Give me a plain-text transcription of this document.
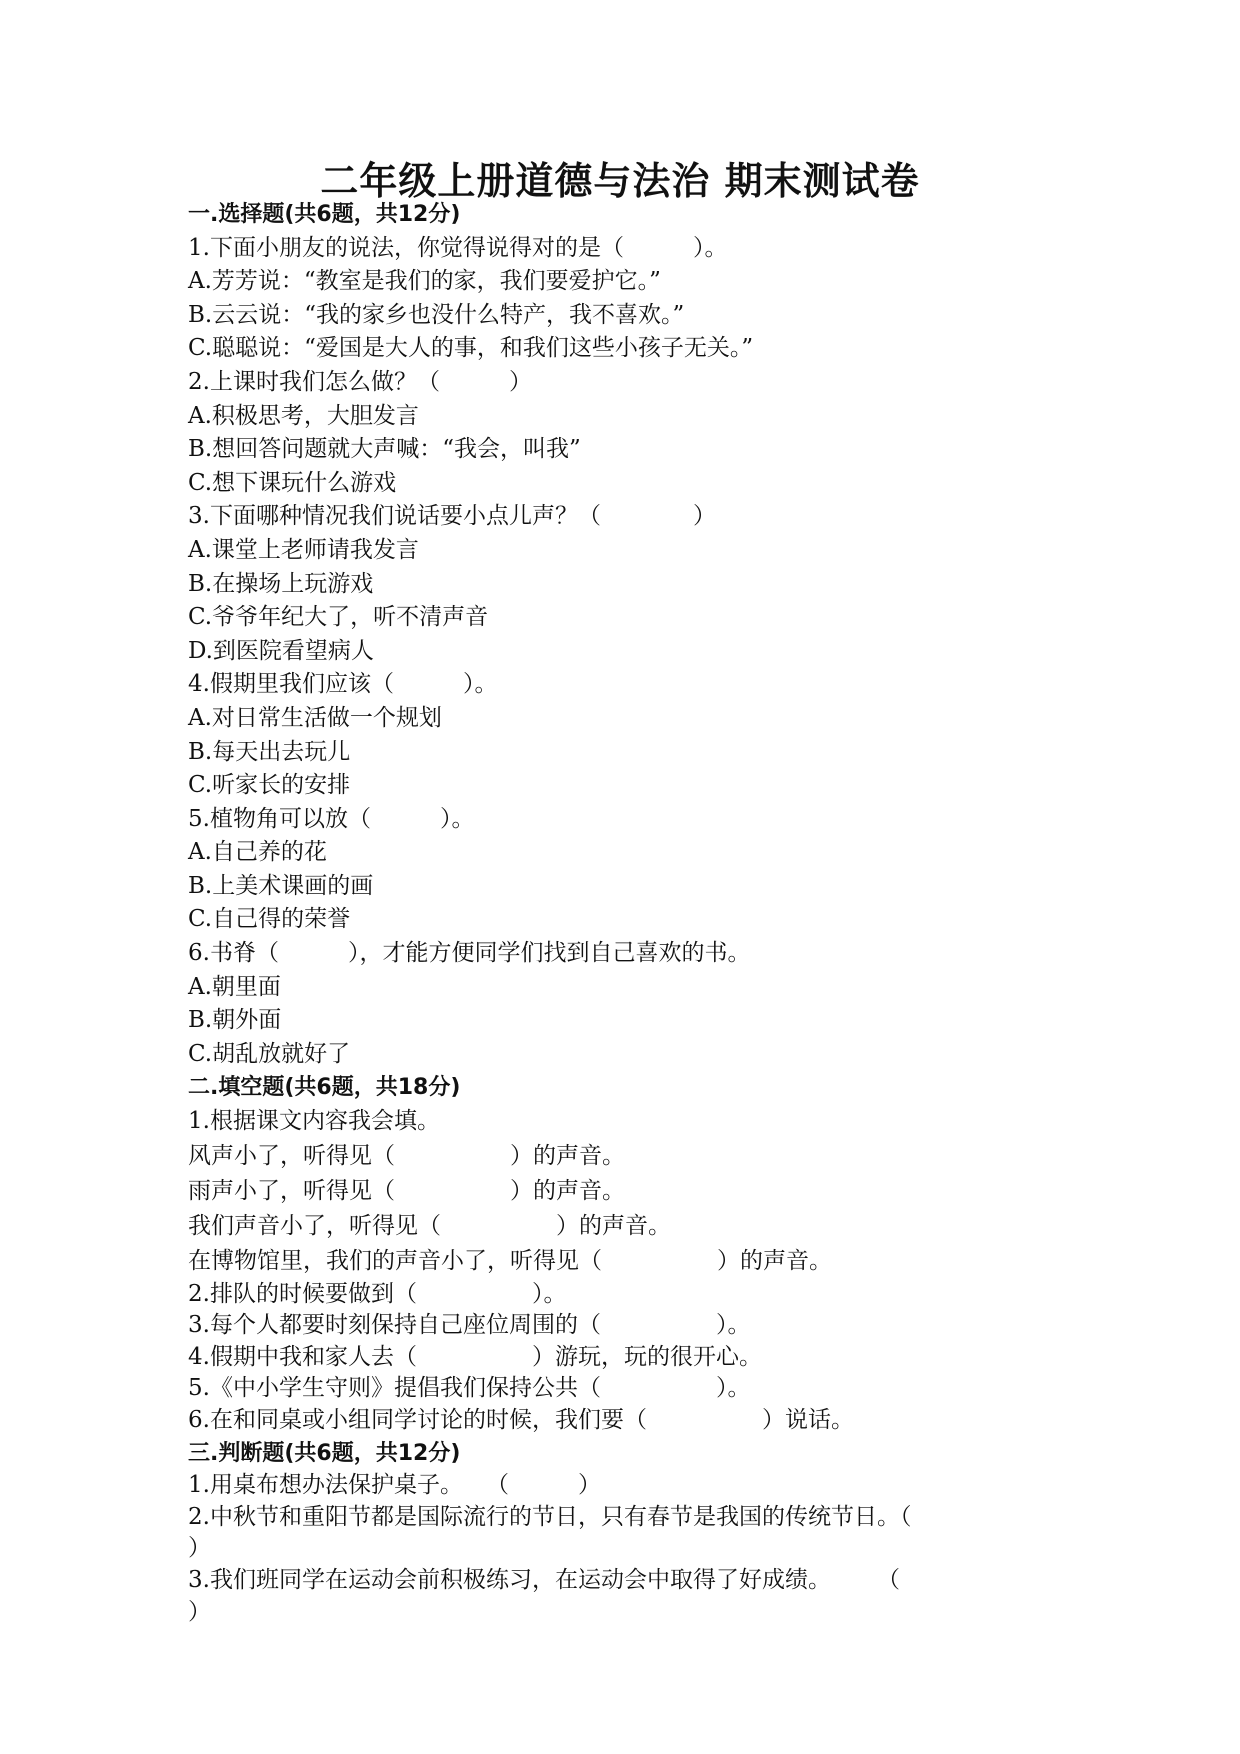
二年级上册道德与法治 期末测试卷
一.选择题(共6题，共12分)
1.下面小朋友的说法，你觉得说得对的是（　　　）。
A.芳芳说：“教室是我们的家，我们要爱护它。”
B.云云说：“我的家乡也没什么特产，我不喜欢。”
C.聪聪说：“爱国是大人的事，和我们这些小孩子无关。”
2.上课时我们怎么做？（　　　）
A.积极思考，大胆发言
B.想回答问题就大声喊：“我会，叫我”
C.想下课玩什么游戏
3.下面哪种情况我们说话要小点儿声？（　　　　）
A.课堂上老师请我发言
B.在操场上玩游戏
C.爷爷年纪大了，听不清声音
D.到医院看望病人
4.假期里我们应该（　　　）。
A.对日常生活做一个规划
B.每天出去玩儿
C.听家长的安排
5.植物角可以放（　　　）。
A.自己养的花
B.上美术课画的画
C.自己得的荣誉
6.书脊（　　　），才能方便同学们找到自己喜欢的书。
A.朝里面
B.朝外面
C.胡乱放就好了
二.填空题(共6题，共18分)
1.根据课文内容我会填。
风声小了，听得见（　　　　　）的声音。
雨声小了，听得见（　　　　　）的声音。
我们声音小了，听得见（　　　　　）的声音。
在博物馆里，我们的声音小了，听得见（　　　　　）的声音。
2.排队的时候要做到（　　　　　）。
3.每个人都要时刻保持自己座位周围的（　　　　　）。
4.假期中我和家人去（　　　　　）游玩，玩的很开心。
5.《中小学生守则》提倡我们保持公共（　　　　　）。
6.在和同桌或小组同学讨论的时候，我们要（　　　　　）说话。
三.判断题(共6题，共12分)
1.用桌布想办法保护桌子。　　（　　　）
2.中秋节和重阳节都是国际流行的节日，只有春节是我国的传统节日。（
）
3.我们班同学在运动会前积极练习，在运动会中取得了好成绩。　　　（
）
